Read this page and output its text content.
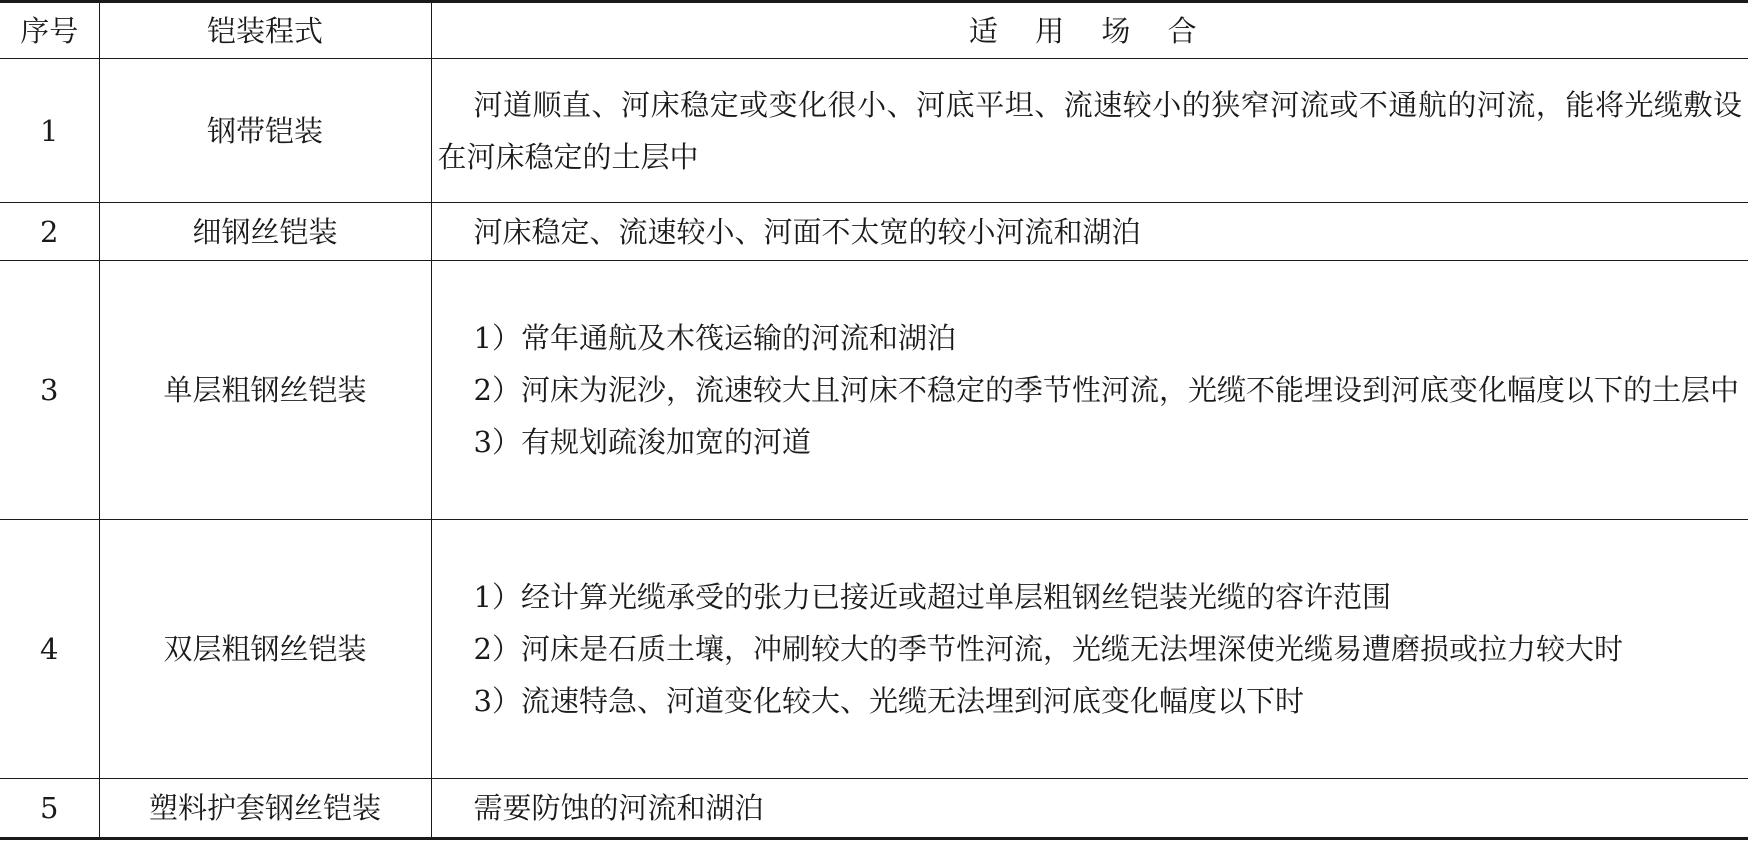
序号	铠装程式	适 用 场 合
1	钢带铠装	河道顺直、河床稳定或变化很小、河底平坦、流速较小的狭窄河流或不通航的河流，能将光缆敷设在河床稳定的土层中

2	细钢丝铠装	河床稳定、流速较小、河面不太宽的较小河流和湖泊

3	单层粗钢丝铠装	1）常年通航及木筏运输的河流和湖泊
2）河床为泥沙，流速较大且河床不稳定的季节性河流，光缆不能埋设到河底变化幅度以下的土层中
3）有规划疏浚加宽的河道

4	双层粗钢丝铠装	1）经计算光缆承受的张力已接近或超过单层粗钢丝铠装光缆的容许范围
2）河床是石质土壤，冲刷较大的季节性河流，光缆无法埋深使光缆易遭磨损或拉力较大时
3）流速特急、河道变化较大、光缆无法埋到河底变化幅度以下时

5	塑料护套钢丝铠装	需要防蚀的河流和湖泊
